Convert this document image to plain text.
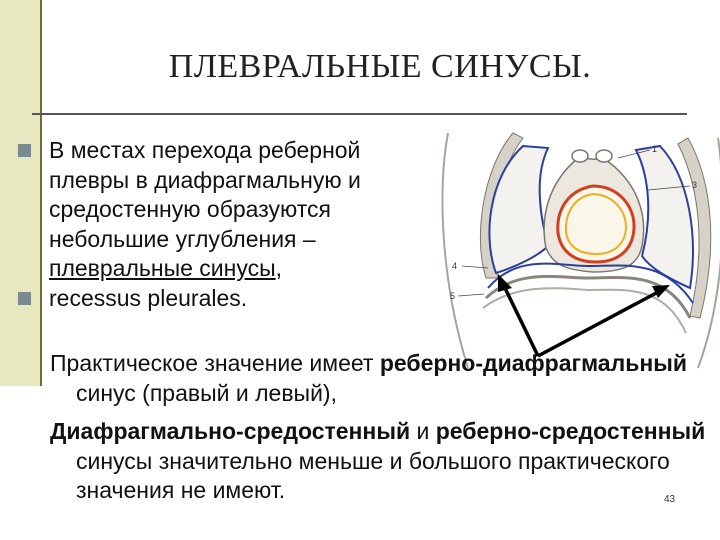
ПЛЕВРАЛЬНЫЕ СИНУСЫ.
1
3
4
5
В местах перехода реберной
плевры в диафрагмальную и
средостенную образуются
небольшие углубления –
плевральные синусы,
recessus pleurales.
Практическое значение имеет реберно-диафрагмальный синус (правый и левый),
Диафрагмально-средостенный и реберно-средостенный синусы значительно меньше и большого практического значения не имеют.	43
